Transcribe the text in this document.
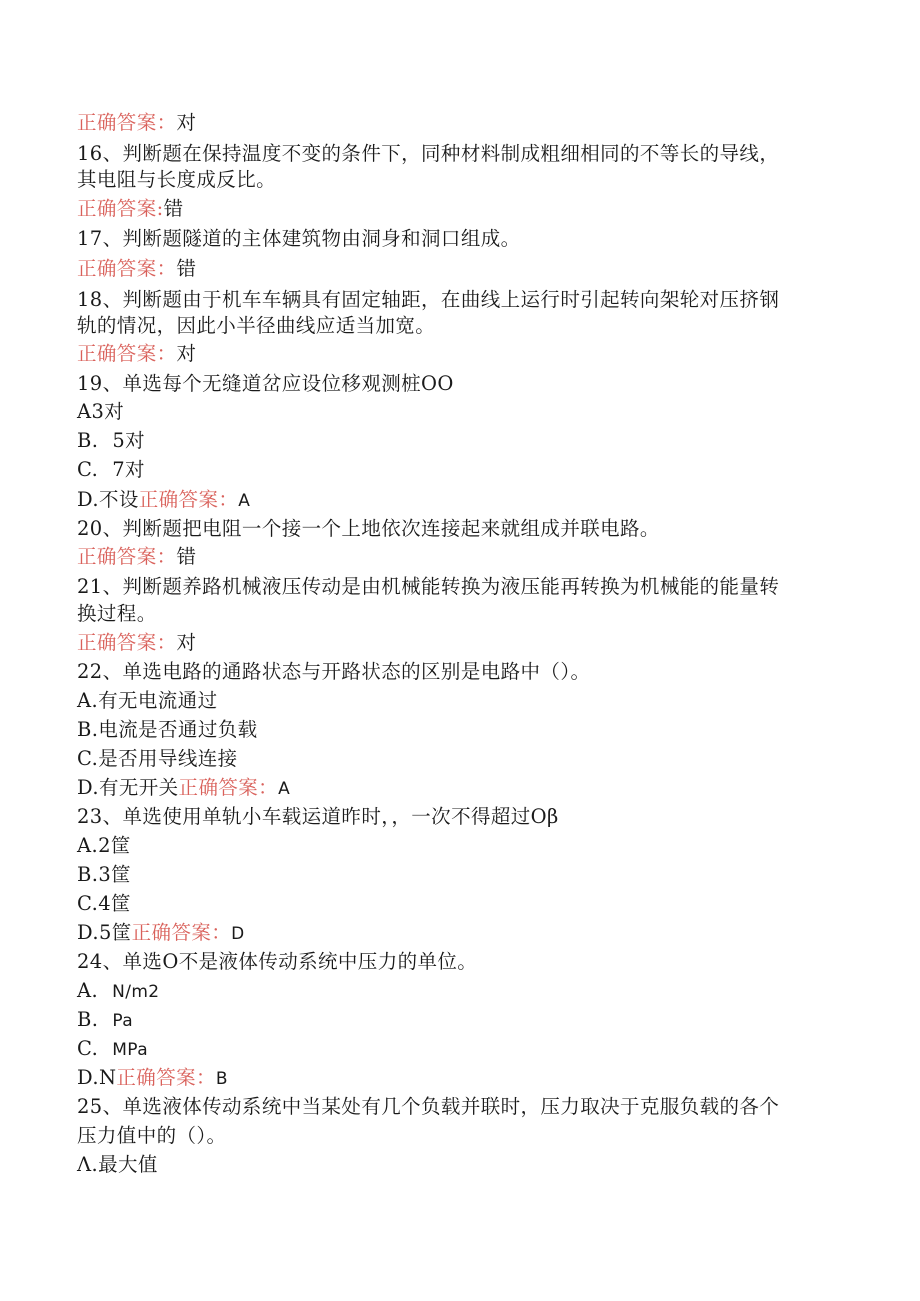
正确答案：对
16、判断题在保持温度不变的条件下，同种材料制成粗细相同的不等长的导线，
其电阻与长度成反比。
正确答案:错
17、判断题隧道的主体建筑物由洞身和洞口组成。
正确答案：错
18、判断题由于机车车辆具有固定轴距，在曲线上运行时引起转向架轮对压挤钢
轨的情况，因此小半径曲线应适当加宽。
正确答案：对
19、单选每个无缝道岔应设位移观测桩OO
A3对
B. 5对
C. 7对
D.不设正确答案：A
20、判断题把电阻一个接一个上地依次连接起来就组成并联电路。
正确答案：错
21、判断题养路机械液压传动是由机械能转换为液压能再转换为机械能的能量转
换过程。
正确答案：对
22、单选电路的通路状态与开路状态的区别是电路中（）。
A.有无电流通过
B.电流是否通过负载
C.是否用导线连接
D.有无开关正确答案：A
23、单选使用单轨小车载运道昨时，，一次不得超过Oβ
A.2筐
B.3筐
C.4筐
D.5筐正确答案：D
24、单选O不是液体传动系统中压力的单位。
A. N∕m2
B. Pa
C. MPa
D.N正确答案：B
25、单选液体传动系统中当某处有几个负载并联时，压力取决于克服负载的各个
压力值中的（）。
Λ.最大值
